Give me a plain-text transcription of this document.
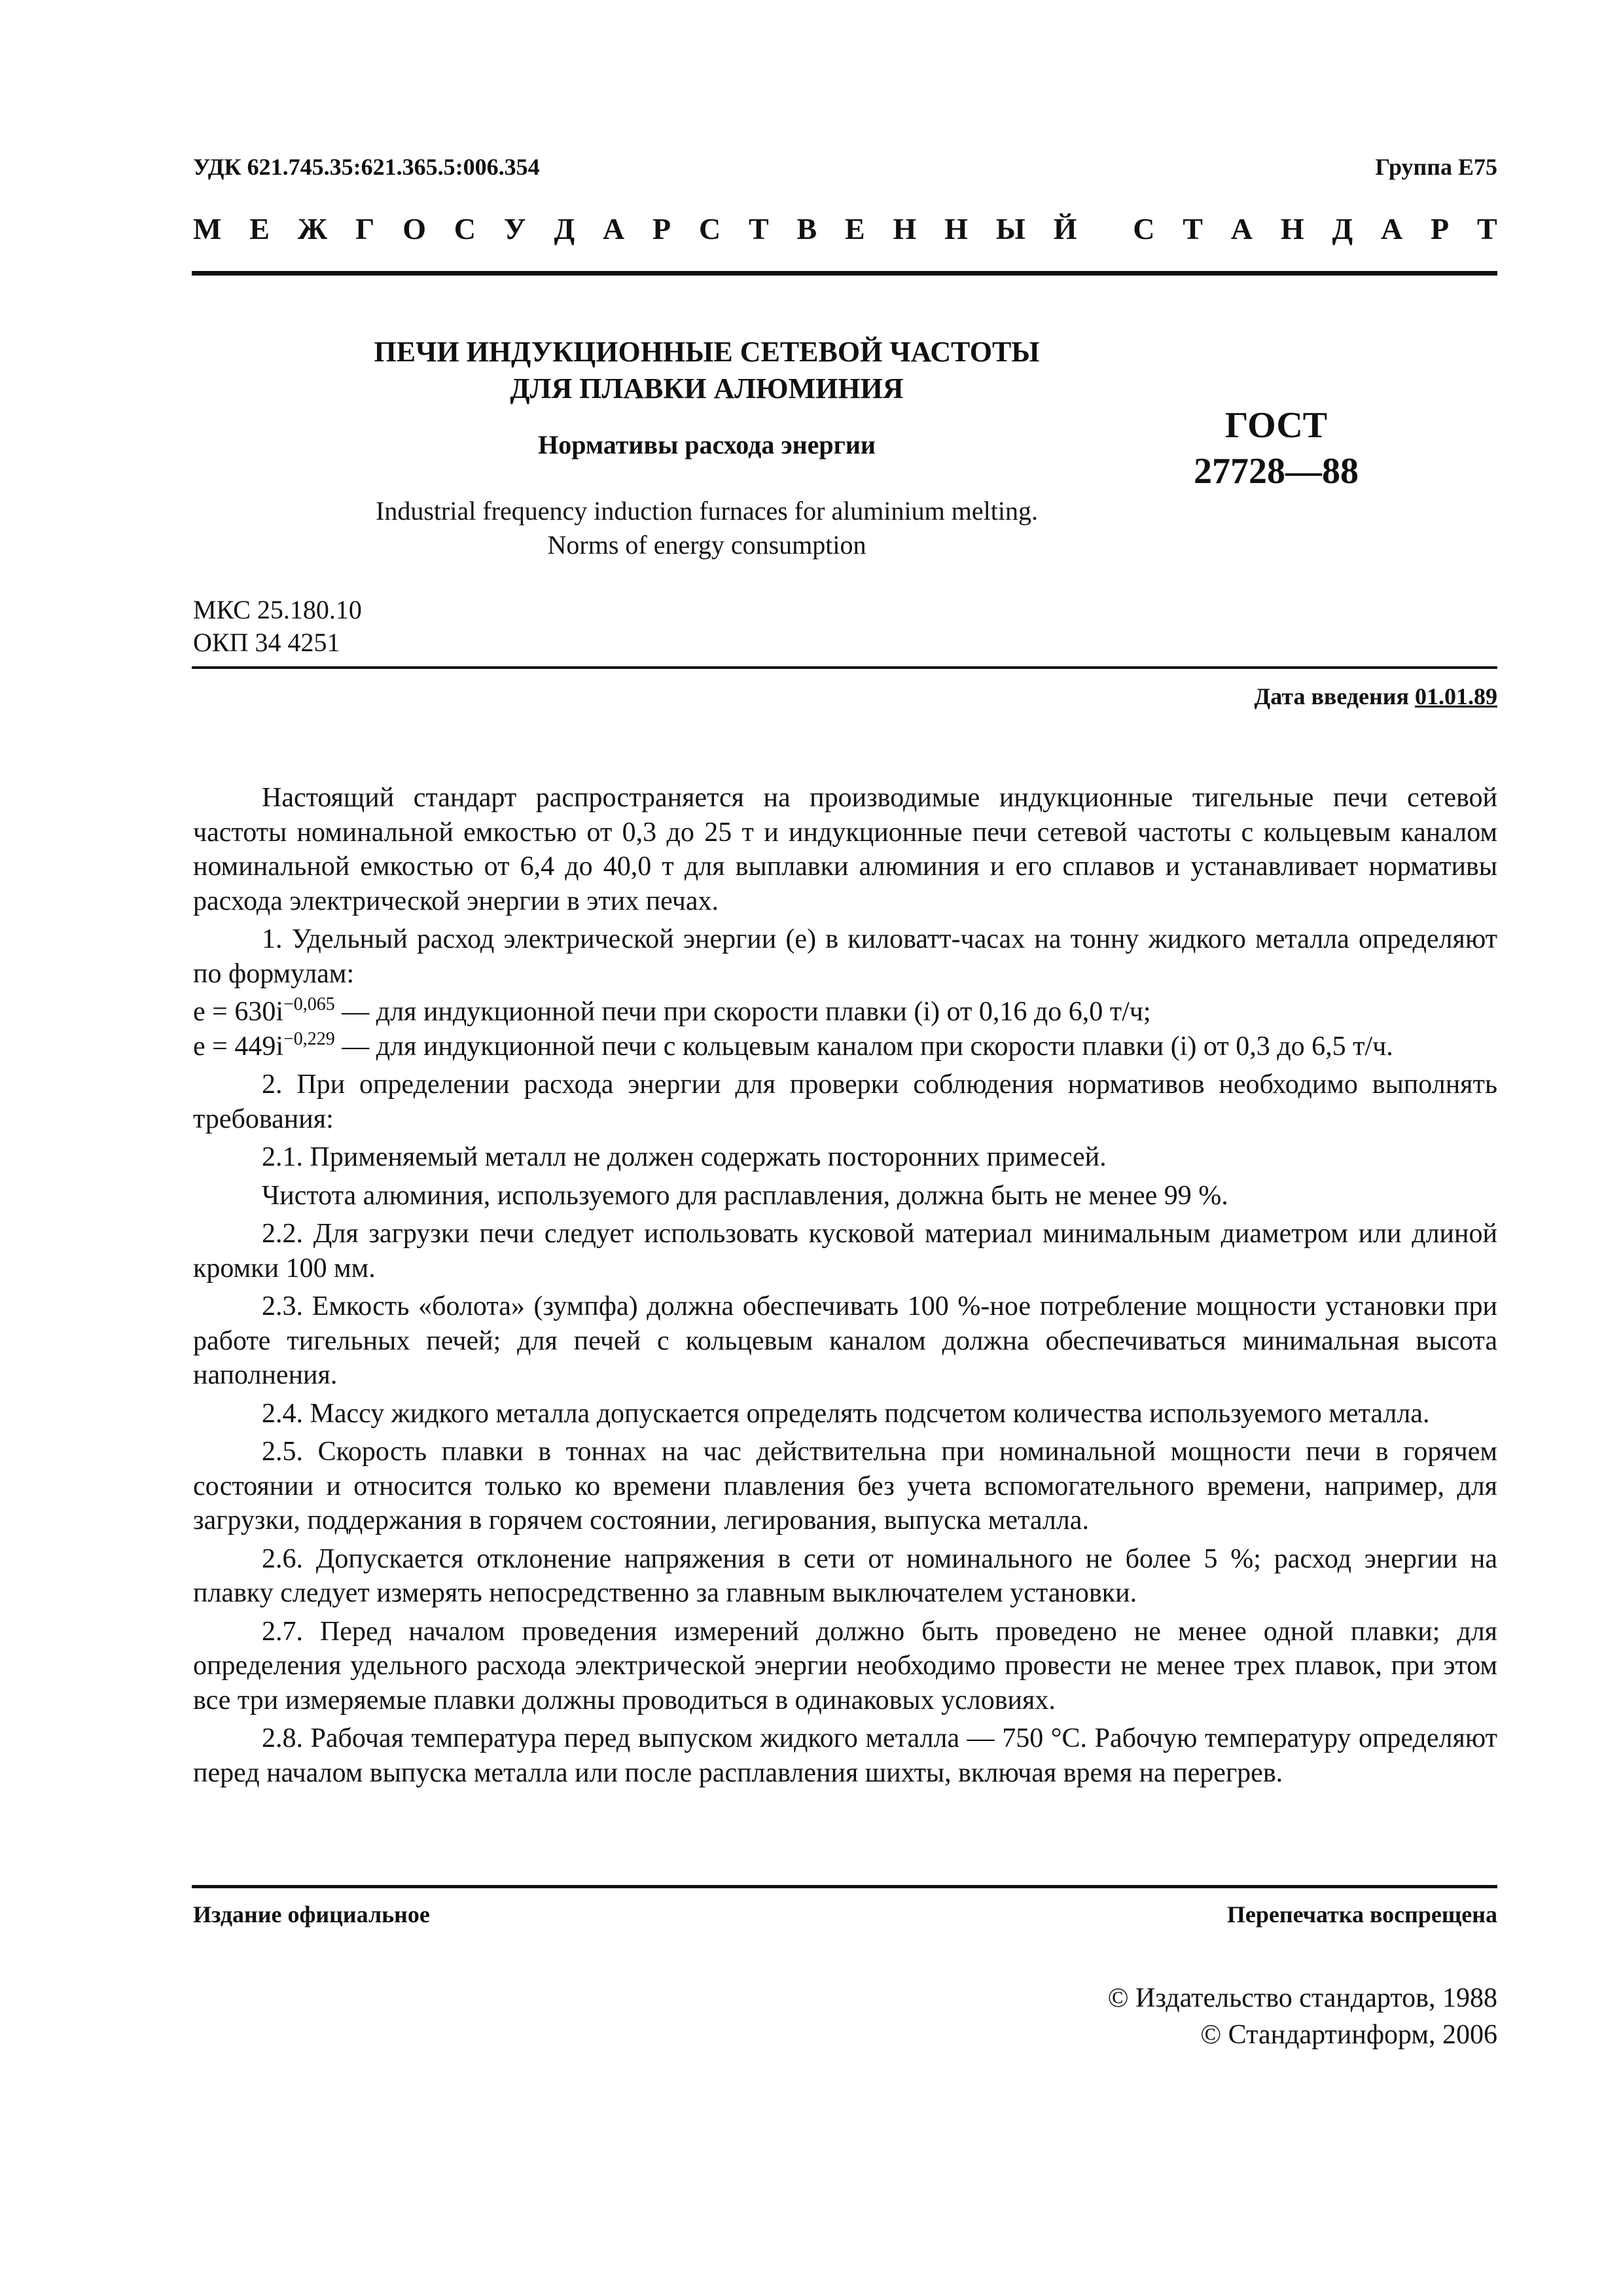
УДК 621.745.35:621.365.5:006.354	Группа Е75
М Е Ж Г О С У Д А Р С Т В Е Н Н Ы Й С Т А Н Д А Р Т
ПЕЧИ ИНДУКЦИОННЫЕ СЕТЕВОЙ ЧАСТОТЫ
ДЛЯ ПЛАВКИ АЛЮМИНИЯ
Нормативы расхода энергии	ГОСТ
27728—88
Industrial frequency induction furnaces for aluminium melting.
Norms of energy consumption
МКС 25.180.10
ОКП 34 4251
Дата введения 01.01.89

Настоящий стандарт распространяется на производимые индукционные тигельные печи сетевой частоты номинальной емкостью от 0,3 до 25 т и индукционные печи сетевой частоты с кольцевым каналом номинальной емкостью от 6,4 до 40,0 т для выплавки алюминия и его сплавов и устанавливает нормативы расхода электрической энергии в этих печах.

1. Удельный расход электрической энергии (e) в киловатт-часах на тонну жидкого металла определяют по формулам:

$e = 630i^{-0,065}$ — для индукционной печи при скорости плавки (i) от 0,16 до 6,0 т/ч;

$e = 449i^{-0,229}$ — для индукционной печи с кольцевым каналом при скорости плавки (i) от 0,3 до 6,5 т/ч.

2. При определении расхода энергии для проверки соблюдения нормативов необходимо выполнять требования:

2.1. Применяемый металл не должен содержать посторонних примесей.

Чистота алюминия, используемого для расплавления, должна быть не менее 99 %.

2.2. Для загрузки печи следует использовать кусковой материал минимальным диаметром или длиной кромки 100 мм.

2.3. Емкость «болота» (зумпфа) должна обеспечивать 100 %-ное потребление мощности установки при работе тигельных печей; для печей с кольцевым каналом должна обеспечиваться минимальная высота наполнения.

2.4. Массу жидкого металла допускается определять подсчетом количества используемого металла.

2.5. Скорость плавки в тоннах на час действительна при номинальной мощности печи в горячем состоянии и относится только ко времени плавления без учета вспомогательного времени, например, для загрузки, поддержания в горячем состоянии, легирования, выпуска металла.

2.6. Допускается отклонение напряжения в сети от номинального не более 5 %; расход энергии на плавку следует измерять непосредственно за главным выключателем установки.

2.7. Перед началом проведения измерений должно быть проведено не менее одной плавки; для определения удельного расхода электрической энергии необходимо провести не менее трех плавок, при этом все три измеряемые плавки должны проводиться в одинаковых условиях.

2.8. Рабочая температура перед выпуском жидкого металла — 750 °С. Рабочую температуру определяют перед началом выпуска металла или после расплавления шихты, включая время на перегрев.

Издание официальное	Перепечатка воспрещена
© Издательство стандартов, 1988
© Стандартинформ, 2006
